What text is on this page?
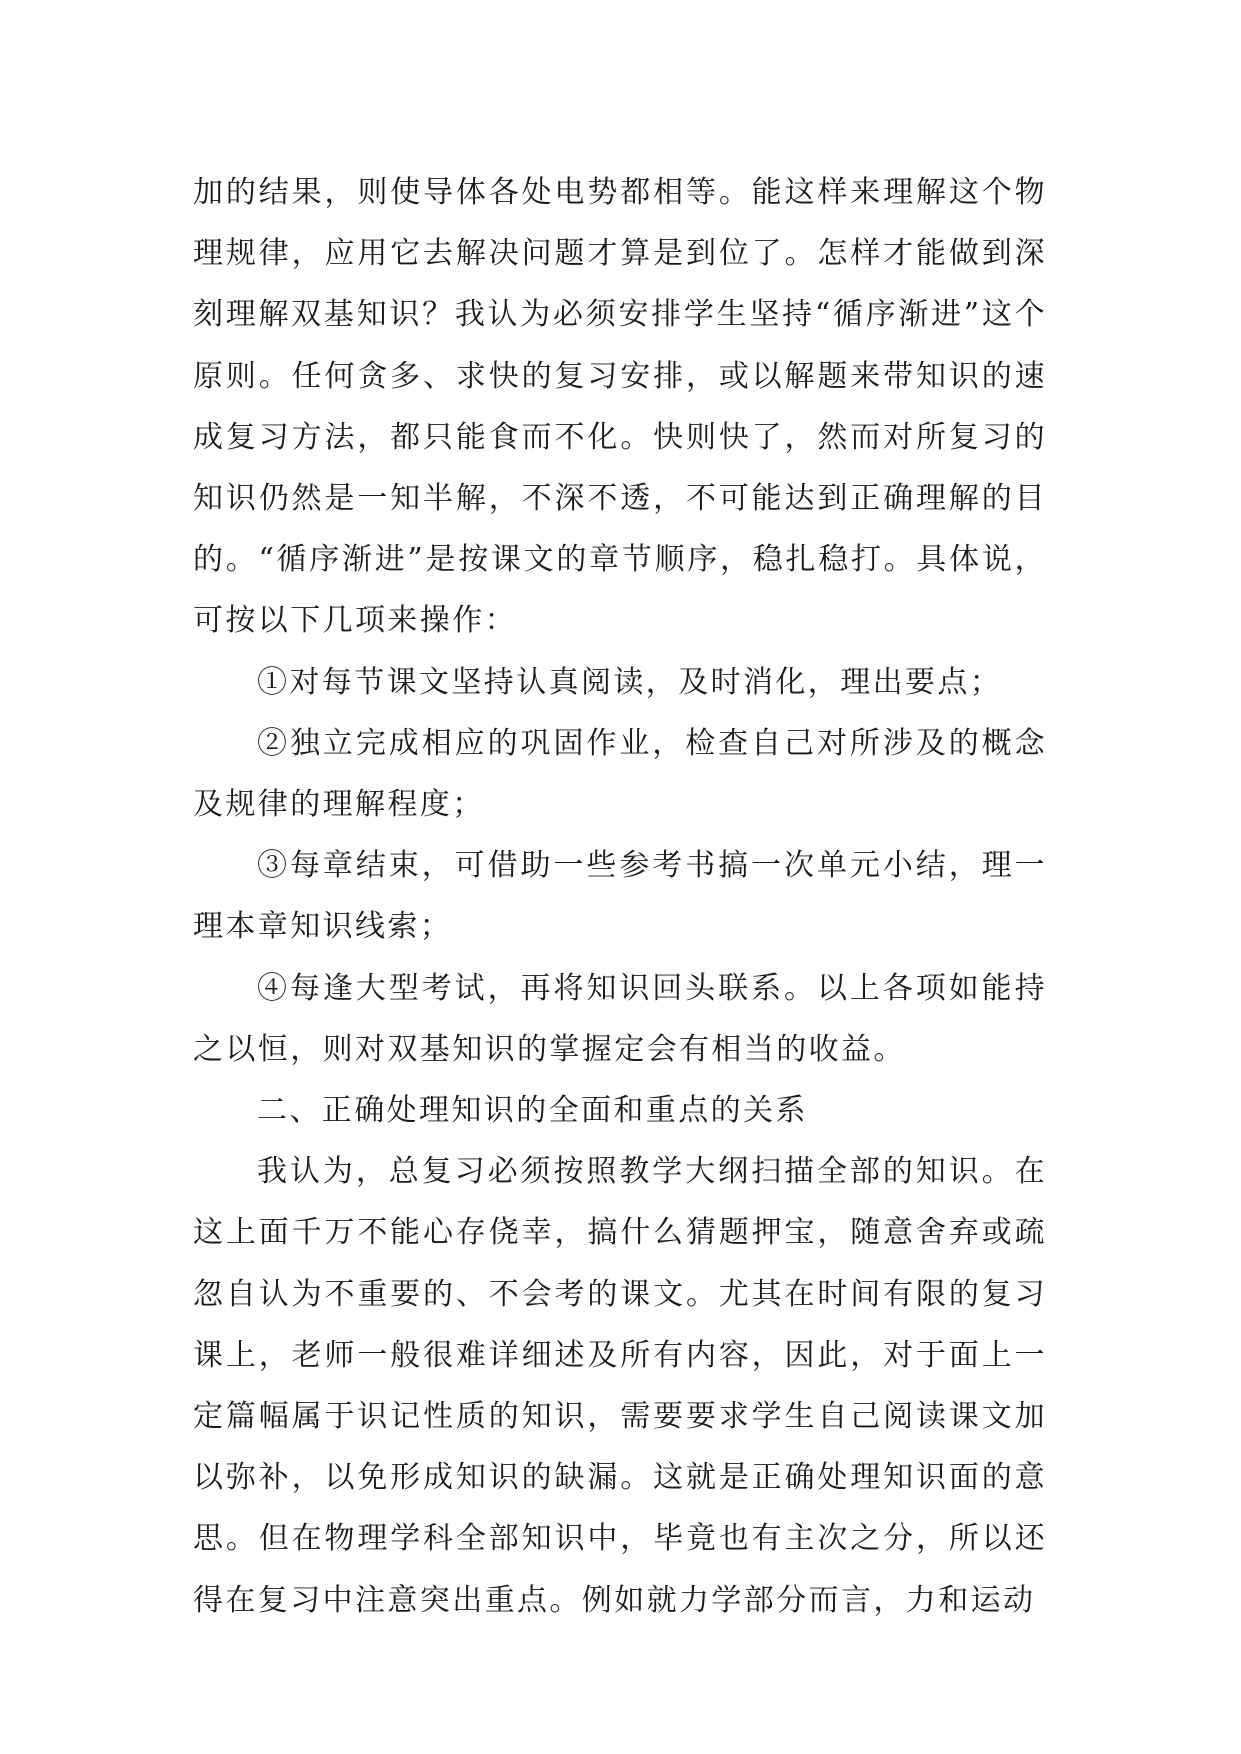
加的结果，则使导体各处电势都相等。能这样来理解这个物理规律，应用它去解决问题才算是到位了。怎样才能做到深刻理解双基知识？我认为必须安排学生坚持“循序渐进”这个原则。任何贪多、求快的复习安排，或以解题来带知识的速成复习方法，都只能食而不化。快则快了，然而对所复习的知识仍然是一知半解，不深不透，不可能达到正确理解的目的。“循序渐进”是按课文的章节顺序，稳扎稳打。具体说，可按以下几项来操作：

①对每节课文坚持认真阅读，及时消化，理出要点；

②独立完成相应的巩固作业，检查自己对所涉及的概念及规律的理解程度；

③每章结束，可借助一些参考书搞一次单元小结，理一理本章知识线索；

④每逢大型考试，再将知识回头联系。以上各项如能持之以恒，则对双基知识的掌握定会有相当的收益。

二、正确处理知识的全面和重点的关系

我认为，总复习必须按照教学大纲扫描全部的知识。在这上面千万不能心存侥幸，搞什么猜题押宝，随意舍弃或疏忽自认为不重要的、不会考的课文。尤其在时间有限的复习课上，老师一般很难详细述及所有内容，因此，对于面上一定篇幅属于识记性质的知识，需要要求学生自己阅读课文加以弥补，以免形成知识的缺漏。这就是正确处理知识面的意思。但在物理学科全部知识中，毕竟也有主次之分，所以还得在复习中注意突出重点。例如就力学部分而言，力和运动
